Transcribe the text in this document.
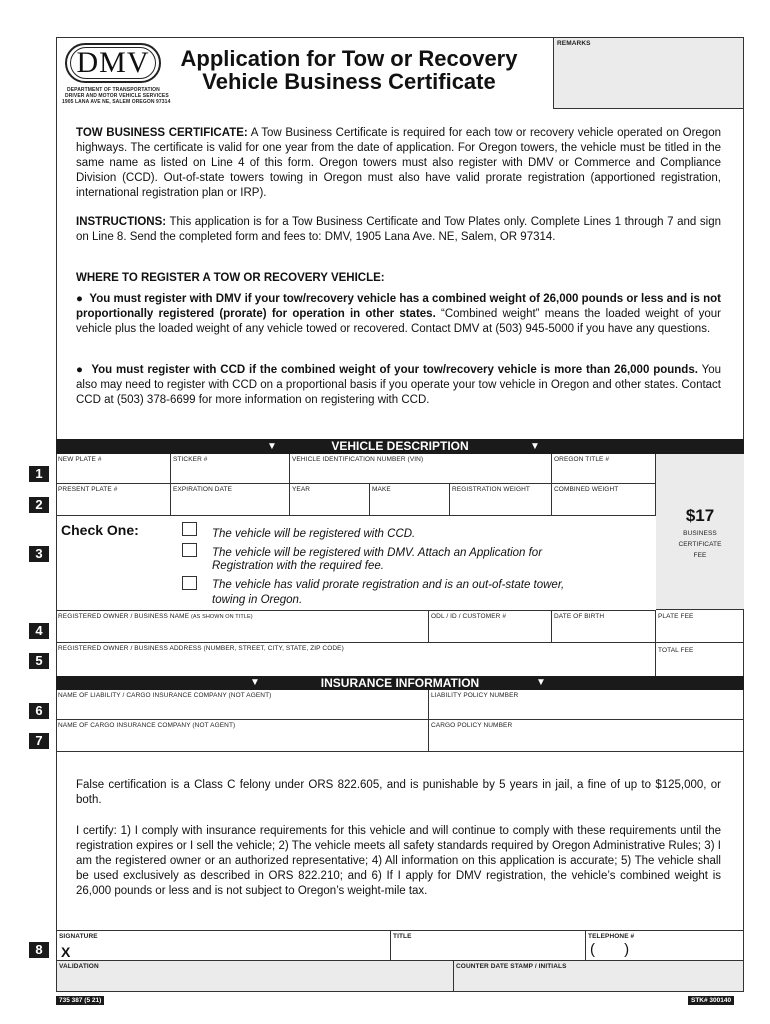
DMV
DEPARTMENT OF TRANSPORTATION
DRIVER AND MOTOR VEHICLE SERVICES
1905 LANA AVE NE, SALEM OREGON 97314
Application for Tow or Recovery
Vehicle Business Certificate
REMARKS
TOW BUSINESS CERTIFICATE: A Tow Business Certificate is required for each tow or recovery vehicle operated on Oregon highways. The certificate is valid for one year from the date of application. For Oregon towers, the vehicle must be titled in the same name as listed on Line 4 of this form. Oregon towers must also register with DMV or Commerce and Compliance Division (CCD). Out-of-state towers towing in Oregon must also have valid prorate registration (apportioned registration, international registration plan or IRP).
INSTRUCTIONS: This application is for a Tow Business Certificate and Tow Plates only. Complete Lines 1 through 7 and sign on Line 8. Send the completed form and fees to: DMV, 1905 Lana Ave. NE, Salem, OR 97314.
WHERE TO REGISTER A TOW OR RECOVERY VEHICLE:
● You must register with DMV if your tow/recovery vehicle has a combined weight of 26,000 pounds or less and is not proportionally registered (prorate) for operation in other states. “Combined weight” means the loaded weight of your vehicle plus the loaded weight of any vehicle towed or recovered. Contact DMV at (503) 945-5000 if you have any questions.
● You must register with CCD if the combined weight of your tow/recovery vehicle is more than 26,000 pounds. You also may need to register with CCD on a proportional basis if you operate your tow vehicle in Oregon and other states. Contact CCD at (503) 378-6699 for more information on registering with CCD.
▼	VEHICLE DESCRIPTION	▼
1
NEW PLATE #	STICKER #	VEHICLE IDENTIFICATION NUMBER (VIN)	OREGON TITLE #
2
PRESENT PLATE #	EXPIRATION DATE	YEAR	MAKE	REGISTRATION WEIGHT	COMBINED WEIGHT
$17
BUSINESS
CERTIFICATE
FEE
3
Check One:	The vehicle will be registered with CCD.
The vehicle will be registered with DMV. Attach an Application for
Registration with the required fee.
The vehicle has valid prorate registration and is an out-of-state tower,
towing in Oregon.
4
REGISTERED OWNER / BUSINESS NAME (AS SHOWN ON TITLE)	ODL / ID / CUSTOMER #	DATE OF BIRTH	PLATE FEE
5
REGISTERED OWNER / BUSINESS ADDRESS (NUMBER, STREET, CITY, STATE, ZIP CODE)	TOTAL FEE
▼	INSURANCE INFORMATION	▼
6
NAME OF LIABILITY / CARGO INSURANCE COMPANY (NOT AGENT)	LIABILITY POLICY NUMBER
7
NAME OF CARGO INSURANCE COMPANY (NOT AGENT)	CARGO POLICY NUMBER
False certification is a Class C felony under ORS 822.605, and is punishable by 5 years in jail, a fine of up to $125,000, or both.
I certify: 1) I comply with insurance requirements for this vehicle and will continue to comply with these requirements until the registration expires or I sell the vehicle; 2) The vehicle meets all safety standards required by Oregon Administrative Rules; 3) I am the registered owner or an authorized representative; 4) All information on this application is accurate; 5) The vehicle shall be used exclusively as described in ORS 822.210; and 6) If I apply for DMV registration, the vehicle’s combined weight is 26,000 pounds or less and is not subject to Oregon’s weight-mile tax.
8
SIGNATURE
X
TITLE	TELEPHONE #
(       )
VALIDATION	COUNTER DATE STAMP / INITIALS
735 387 (5 21)	STK# 300140
